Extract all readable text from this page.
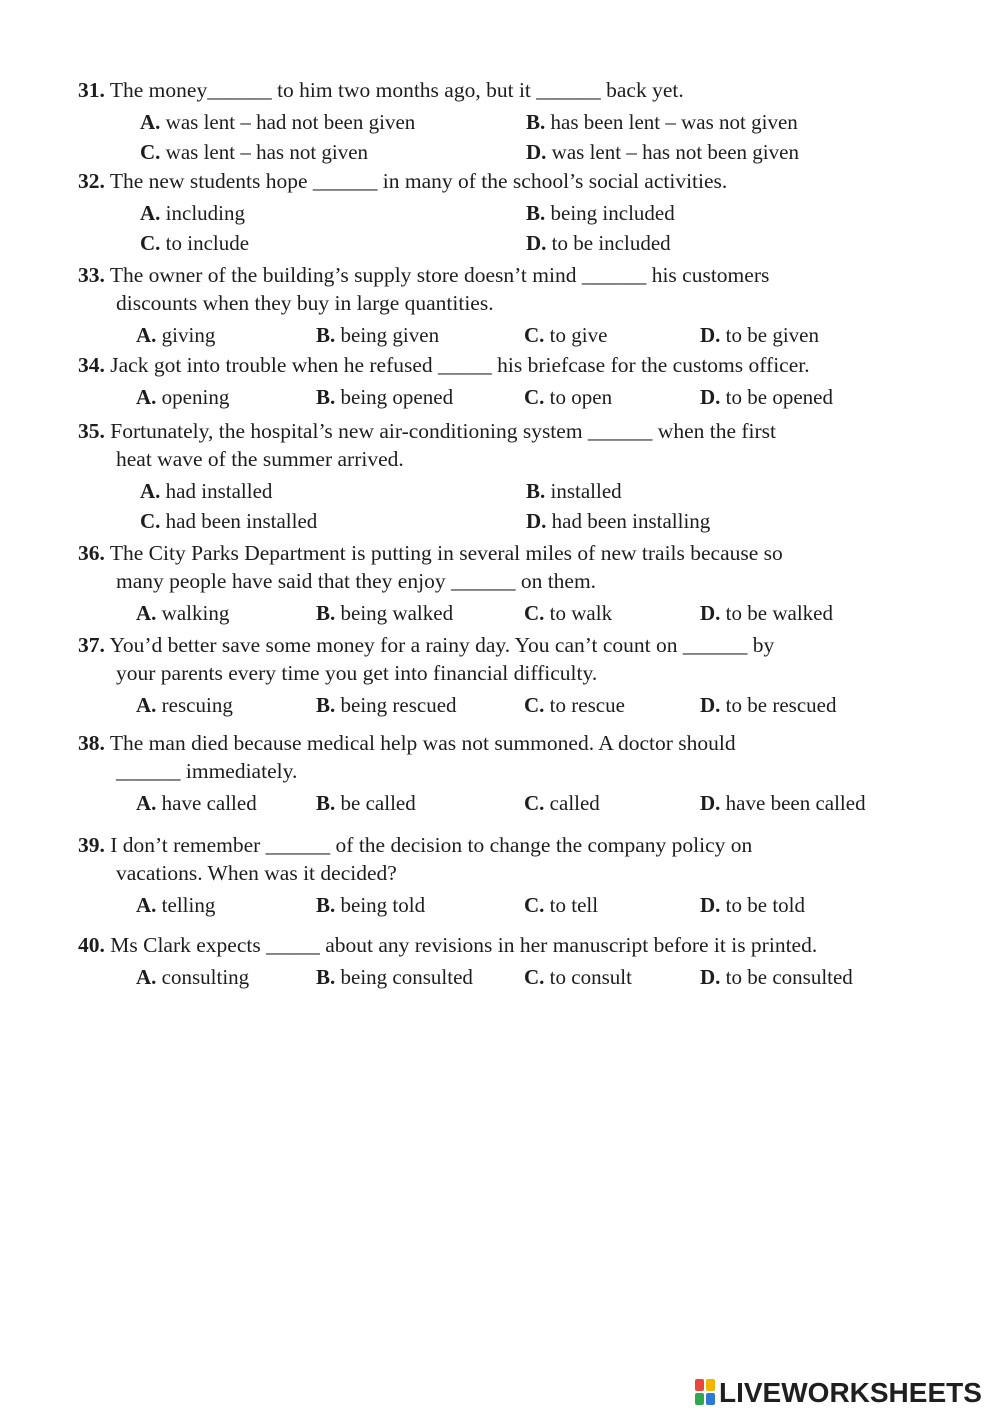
31. The money______ to him two months ago, but it ______ back yet.
A. was lent – had not been given	B. has been lent – was not given
C. was lent – has not given	D. was lent – has not been given
32. The new students hope ______ in many of the school’s social activities.
A. including	B. being included
C. to include	D. to be included
33. The owner of the building’s supply store doesn’t mind ______ his customers
discounts when they buy in large quantities.
A. giving	B. being given	C. to give	D. to be given
34. Jack got into trouble when he refused _____ his briefcase for the customs officer.
A. opening	B. being opened	C. to open	D. to be opened
35. Fortunately, the hospital’s new air-conditioning system ______ when the first
heat wave of the summer arrived.
A. had installed	B. installed
C. had been installed	D. had been installing
36. The City Parks Department is putting in several miles of new trails because so
many people have said that they enjoy ______ on them.
A. walking	B. being walked	C. to walk	D. to be walked
37. You’d better save some money for a rainy day. You can’t count on ______ by
your parents every time you get into financial difficulty.
A. rescuing	B. being rescued	C. to rescue	D. to be rescued
38. The man died because medical help was not summoned. A doctor should
______ immediately.
A. have called	B. be called	C. called	D. have been called
39. I don’t remember ______ of the decision to change the company policy on
vacations. When was it decided?
A. telling	B. being told	C. to tell	D. to be told
40. Ms Clark expects _____ about any revisions in her manuscript before it is printed.
A. consulting	B. being consulted C. to consult	D. to be consulted
LIVEWORKSHEETS
